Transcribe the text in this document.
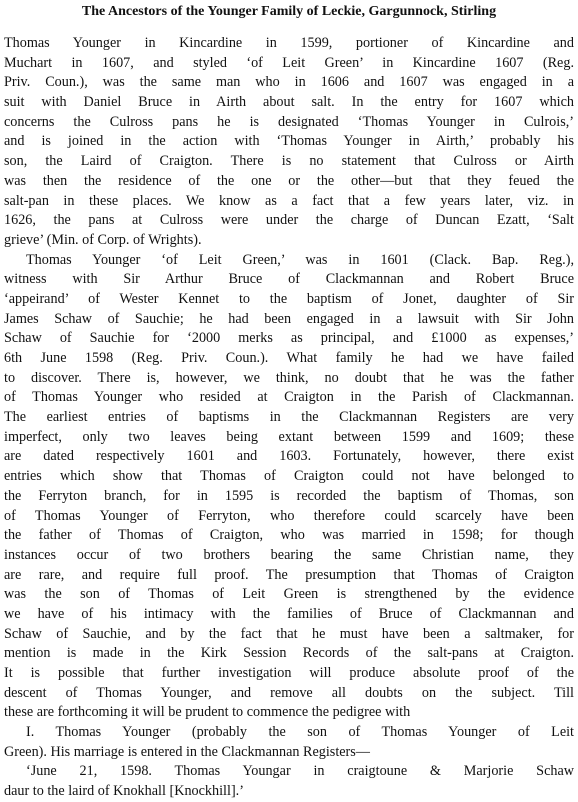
The Ancestors of the Younger Family of Leckie, Gargunnock, Stirling
Thomas Younger in Kincardine in 1599, portioner of Kincardine and
Muchart in 1607, and styled ‘of Leit Green’ in Kincardine 1607 (Reg.
Priv. Coun.), was the same man who in 1606 and 1607 was engaged in a
suit with Daniel Bruce in Airth about salt. In the entry for 1607 which
concerns the Culross pans he is designated ‘Thomas Younger in Culrois,’
and is joined in the action with ‘Thomas Younger in Airth,’ probably his
son, the Laird of Craigton. There is no statement that Culross or Airth
was then the residence of the one or the other—but that they feued the
salt-pan in these places. We know as a fact that a few years later, viz. in
1626, the pans at Culross were under the charge of Duncan Ezatt, ‘Salt
grieve’ (Min. of Corp. of Wrights).
Thomas Younger ‘of Leit Green,’ was in 1601 (Clack. Bap. Reg.),
witness with Sir Arthur Bruce of Clackmannan and Robert Bruce
‘appeirand’ of Wester Kennet to the baptism of Jonet, daughter of Sir
James Schaw of Sauchie; he had been engaged in a lawsuit with Sir John
Schaw of Sauchie for ‘2000 merks as principal, and £1000 as expenses,’
6th June 1598 (Reg. Priv. Coun.). What family he had we have failed
to discover. There is, however, we think, no doubt that he was the father
of Thomas Younger who resided at Craigton in the Parish of Clackmannan.
The earliest entries of baptisms in the Clackmannan Registers are very
imperfect, only two leaves being extant between 1599 and 1609; these
are dated respectively 1601 and 1603. Fortunately, however, there exist
entries which show that Thomas of Craigton could not have belonged to
the Ferryton branch, for in 1595 is recorded the baptism of Thomas, son
of Thomas Younger of Ferryton, who therefore could scarcely have been
the father of Thomas of Craigton, who was married in 1598; for though
instances occur of two brothers bearing the same Christian name, they
are rare, and require full proof. The presumption that Thomas of Craigton
was the son of Thomas of Leit Green is strengthened by the evidence
we have of his intimacy with the families of Bruce of Clackmannan and
Schaw of Sauchie, and by the fact that he must have been a saltmaker, for
mention is made in the Kirk Session Records of the salt-pans at Craigton.
It is possible that further investigation will produce absolute proof of the
descent of Thomas Younger, and remove all doubts on the subject. Till
these are forthcoming it will be prudent to commence the pedigree with
I. Thomas Younger (probably the son of Thomas Younger of Leit
Green). His marriage is entered in the Clackmannan Registers—
‘June 21, 1598. Thomas Youngar in craigtoune & Marjorie Schaw
daur to the laird of Knokhall [Knockhill].’
